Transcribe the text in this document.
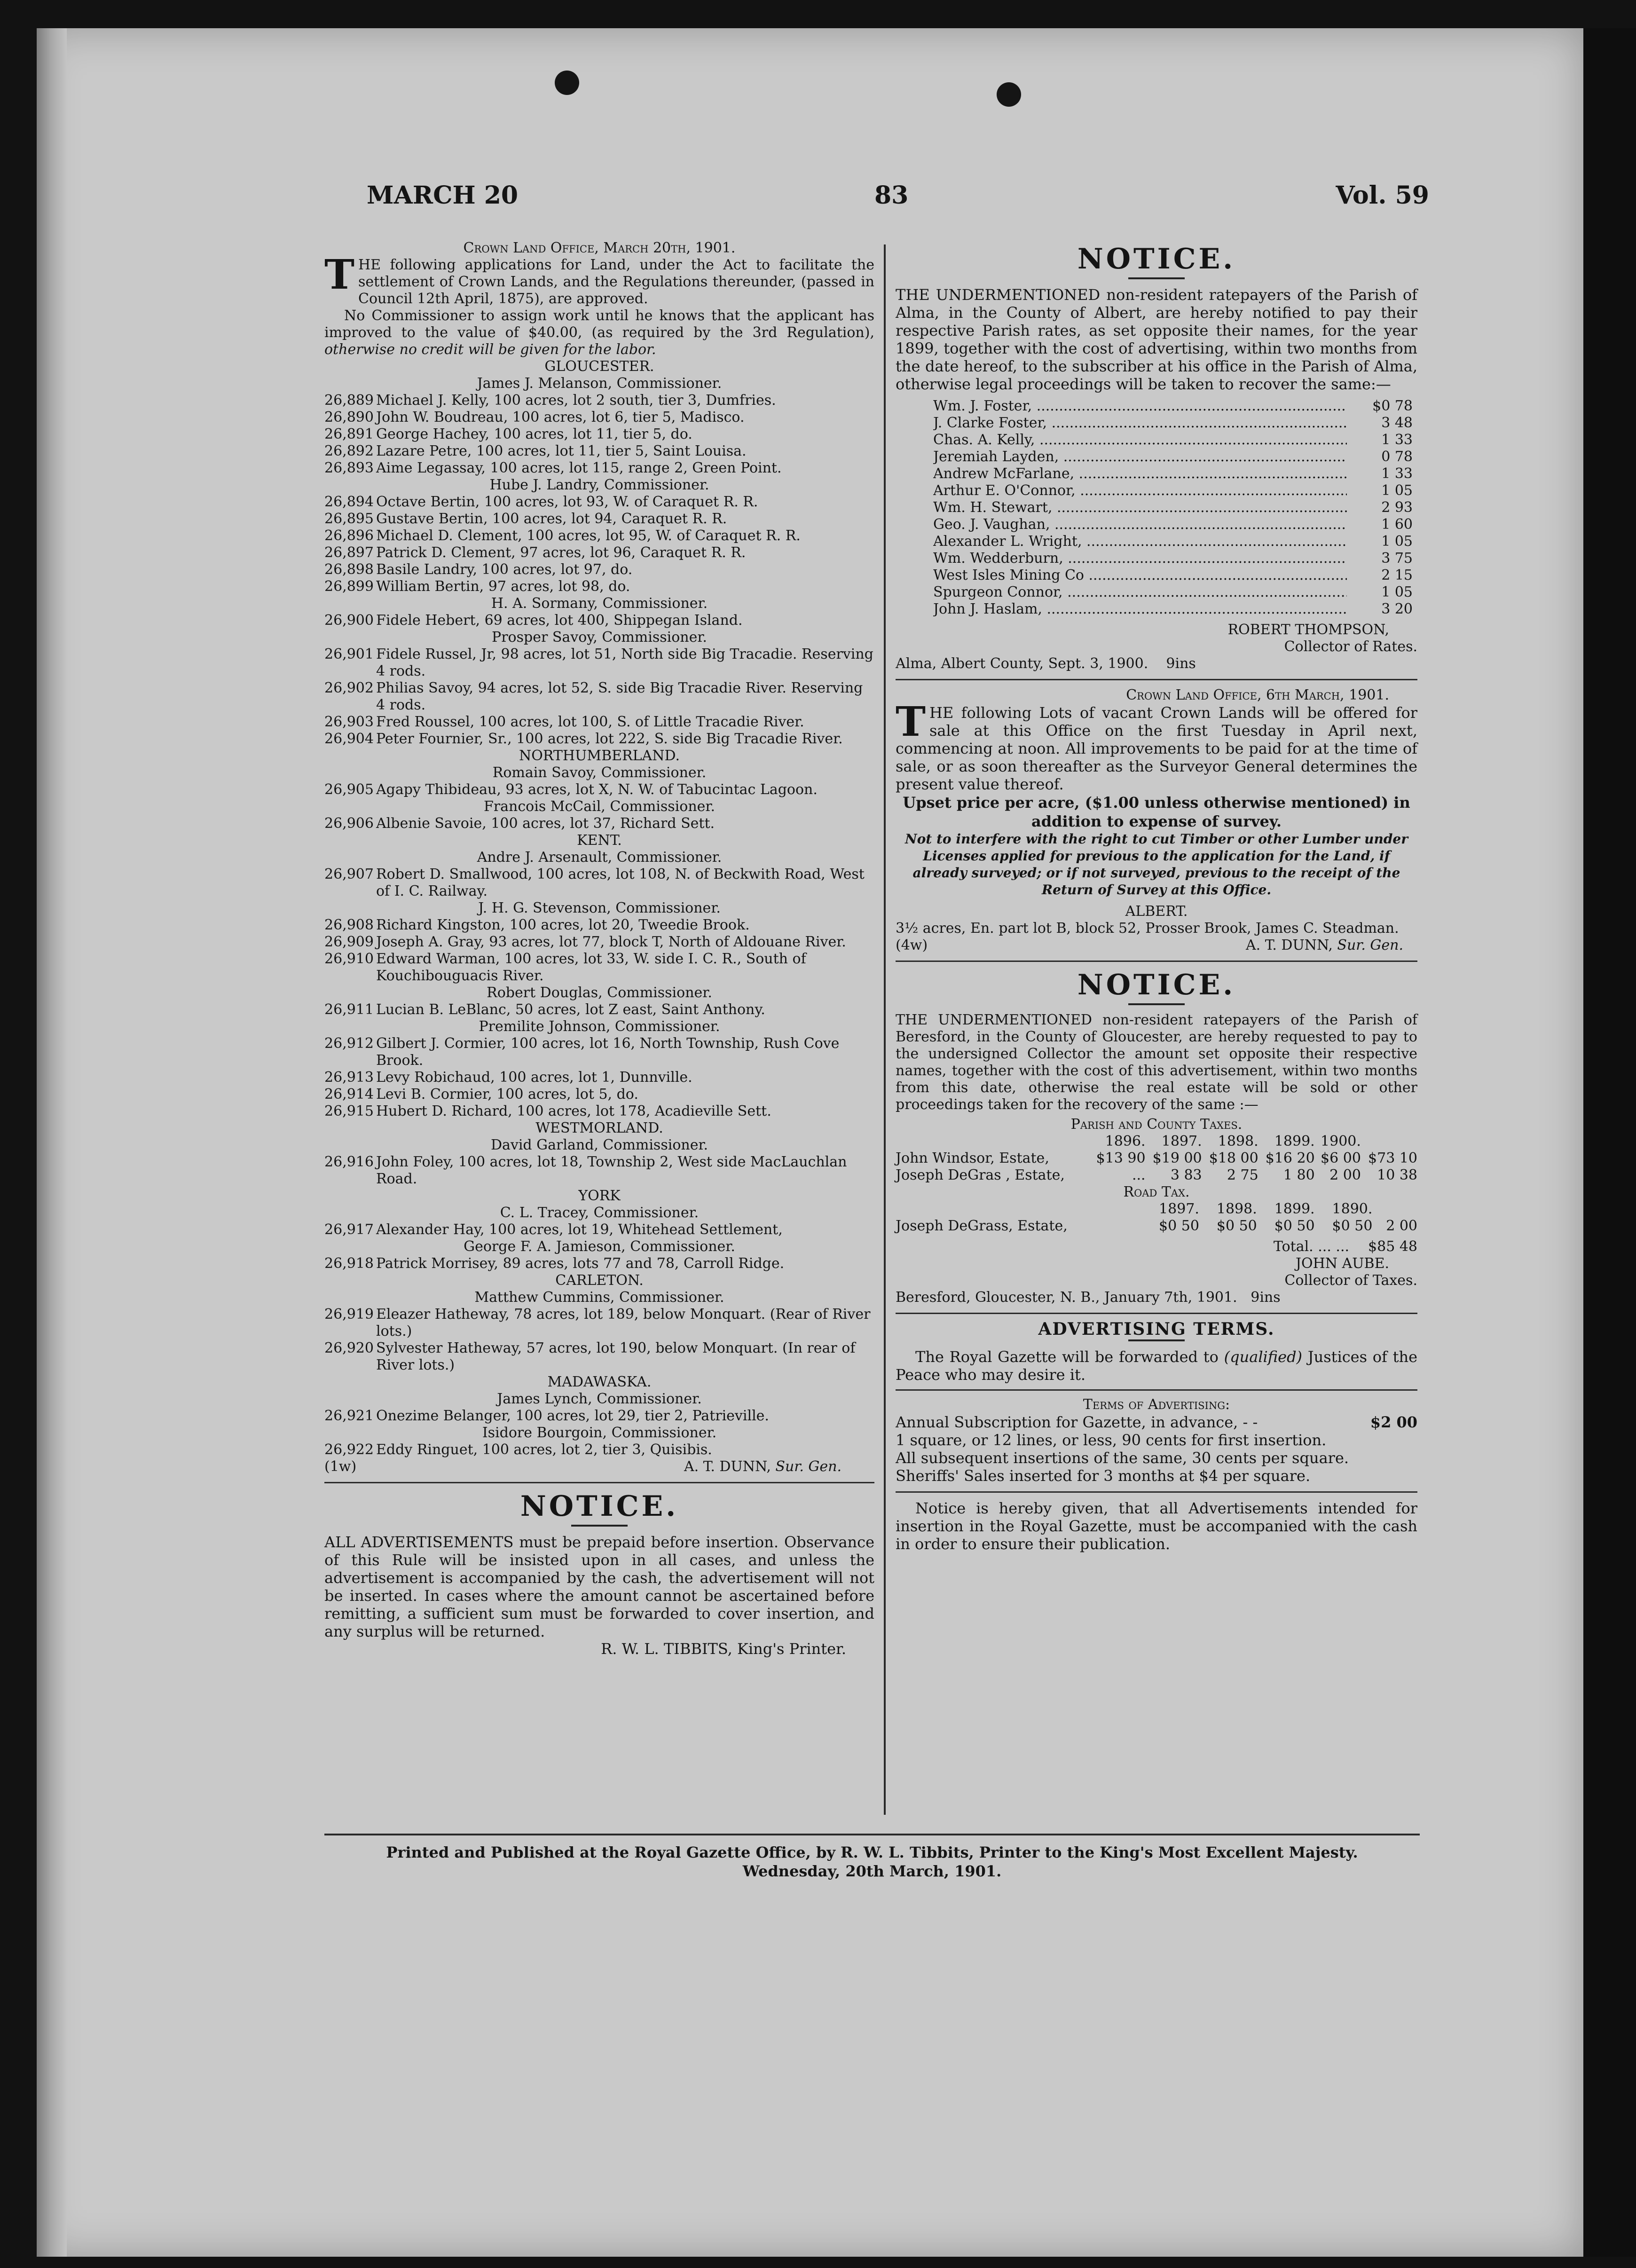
MARCH 20	83	Vol. 59
Crown Land Office, March 20th, 1901.
THE following applications for Land, under the Act to facilitate the settlement of Crown Lands, and the Regulations thereunder, (passed in Council 12th April, 1875), are approved.
No Commissioner to assign work until he knows that the applicant has improved to the value of $40.00, (as required by the 3rd Regulation), otherwise no credit will be given for the labor.
GLOUCESTER.
James J. Melanson, Commissioner.
26,889 Michael J. Kelly, 100 acres, lot 2 south, tier 3, Dumfries.
26,890 John W. Boudreau, 100 acres, lot 6, tier 5, Madisco.
26,891 George Hachey, 100 acres, lot 11, tier 5, do.
26,892 Lazare Petre, 100 acres, lot 11, tier 5, Saint Louisa.
26,893 Aime Legassay, 100 acres, lot 115, range 2, Green Point.
Hube J. Landry, Commissioner.
26,894 Octave Bertin, 100 acres, lot 93, W. of Caraquet R. R.
26,895 Gustave Bertin, 100 acres, lot 94, Caraquet R. R.
26,896 Michael D. Clement, 100 acres, lot 95, W. of Caraquet R. R.
26,897 Patrick D. Clement, 97 acres, lot 96, Caraquet R. R.
26,898 Basile Landry, 100 acres, lot 97, do.
26,899 William Bertin, 97 acres, lot 98, do.
H. A. Sormany, Commissioner.
26,900 Fidele Hebert, 69 acres, lot 400, Shippegan Island.
Prosper Savoy, Commissioner.
26,901 Fidele Russel, Jr, 98 acres, lot 51, North side Big Tracadie. Reserving 4 rods.
26,902 Philias Savoy, 94 acres, lot 52, S. side Big Tracadie River. Reserving 4 rods.
26,903 Fred Roussel, 100 acres, lot 100, S. of Little Tracadie River.
26,904 Peter Fournier, Sr., 100 acres, lot 222, S. side Big Tracadie River.
NORTHUMBERLAND.
Romain Savoy, Commissioner.
26,905 Agapy Thibideau, 93 acres, lot X, N. W. of Tabucintac Lagoon.
Francois McCail, Commissioner.
26,906 Albenie Savoie, 100 acres, lot 37, Richard Sett.
KENT.
Andre J. Arsenault, Commissioner.
26,907 Robert D. Smallwood, 100 acres, lot 108, N. of Beckwith Road, West of I. C. Railway.
J. H. G. Stevenson, Commissioner.
26,908 Richard Kingston, 100 acres, lot 20, Tweedie Brook.
26,909 Joseph A. Gray, 93 acres, lot 77, block T, North of Aldouane River.
26,910 Edward Warman, 100 acres, lot 33, W. side I. C. R., South of Kouchibouguacis River.
Robert Douglas, Commissioner.
26,911 Lucian B. LeBlanc, 50 acres, lot Z east, Saint Anthony.
Premilite Johnson, Commissioner.
26,912 Gilbert J. Cormier, 100 acres, lot 16, North Township, Rush Cove Brook.
26,913 Levy Robichaud, 100 acres, lot 1, Dunnville.
26,914 Levi B. Cormier, 100 acres, lot 5, do.
26,915 Hubert D. Richard, 100 acres, lot 178, Acadieville Sett.
WESTMORLAND.
David Garland, Commissioner.
26,916 John Foley, 100 acres, lot 18, Township 2, West side MacLauchlan Road.
YORK
C. L. Tracey, Commissioner.
26,917 Alexander Hay, 100 acres, lot 19, Whitehead Settlement,
George F. A. Jamieson, Commissioner.
26,918 Patrick Morrisey, 89 acres, lots 77 and 78, Carroll Ridge.
CARLETON.
Matthew Cummins, Commissioner.
26,919 Eleazer Hatheway, 78 acres, lot 189, below Monquart. (Rear of River lots.)
26,920 Sylvester Hatheway, 57 acres, lot 190, below Monquart. (In rear of River lots.)
MADAWASKA.
James Lynch, Commissioner.
26,921 Onezime Belanger, 100 acres, lot 29, tier 2, Patrieville.
Isidore Bourgoin, Commissioner.
26,922 Eddy Ringuet, 100 acres, lot 2, tier 3, Quisibis.
(1w)	A. T. DUNN, Sur. Gen.
NOTICE.
ALL ADVERTISEMENTS must be prepaid before insertion. Observance of this Rule will be insisted upon in all cases, and unless the advertisement is accompanied by the cash, the advertisement will not be inserted. In cases where the amount cannot be ascertained before remitting, a sufficient sum must be forwarded to cover insertion, and any surplus will be returned.
R. W. L. TIBBITS, King's Printer.
NOTICE.
THE UNDERMENTIONED non-resident ratepayers of the Parish of Alma, in the County of Albert, are hereby notified to pay their respective Parish rates, as set opposite their names, for the year 1899, together with the cost of advertising, within two months from the date hereof, to the subscriber at his office in the Parish of Alma, otherwise legal proceedings will be taken to recover the same:—
Wm. J. Foster, .....	$0 78
J. Clarke Foster, .....	3 48
Chas. A. Kelly, .....	1 33
Jeremiah Layden, .....	0 78
Andrew McFarlane, .....	1 33
Arthur E. O'Connor, .....	1 05
Wm. H. Stewart, .....	2 93
Geo. J. Vaughan, .....	1 60
Alexander L. Wright, .....	1 05
Wm. Wedderburn, .....	3 75
West Isles Mining Co .....	2 15
Spurgeon Connor, .....	1 05
John J. Haslam, .....	3 20
ROBERT THOMPSON,
Collector of Rates.
Alma, Albert County, Sept. 3, 1900. 9ins
Crown Land Office, 6th March, 1901.
THE following Lots of vacant Crown Lands will be offered for sale at this Office on the first Tuesday in April next, commencing at noon. All improvements to be paid for at the time of sale, or as soon thereafter as the Surveyor General determines the present value thereof.
Upset price per acre, ($1.00 unless otherwise mentioned) in addition to expense of survey.
Not to interfere with the right to cut Timber or other Lumber under Licenses applied for previous to the application for the Land, if already surveyed; or if not surveyed, previous to the receipt of the Return of Survey at this Office.
ALBERT.
3½ acres, En. part lot B, block 52, Prosser Brook, James C. Steadman.
(4w)	A. T. DUNN, Sur. Gen.
NOTICE.
THE UNDERMENTIONED non-resident ratepayers of the Parish of Beresford, in the County of Gloucester, are hereby requested to pay to the undersigned Collector the amount set opposite their respective names, together with the cost of this advertisement, within two months from this date, otherwise the real estate will be sold or other proceedings taken for the recovery of the same :—
Parish and County Taxes.
	1896.	1897.	1898.	1899.	1900.	
John Windsor, Estate,	$13 90	$19 00	$18 00	$16 20	$6 00	$73 10
Joseph DeGras , Estate,	...	3 83	2 75	1 80	2 00	10 38
Road Tax.
	1897.	1898.	1899.	1890.	
Joseph DeGrass, Estate,	$0 50	$0 50	$0 50	$0 50	2 00
Total. ... ... $85 48
JOHN AUBE.
Collector of Taxes.
Beresford, Gloucester, N. B., January 7th, 1901. 9ins
ADVERTISING TERMS.
The Royal Gazette will be forwarded to (qualified) Justices of the Peace who may desire it.
Terms of Advertising:
Annual Subscription for Gazette, in advance, - -	$2 00
1 square, or 12 lines, or less, 90 cents for first insertion.
All subsequent insertions of the same, 30 cents per square.
Sheriffs' Sales inserted for 3 months at $4 per square.
Notice is hereby given, that all Advertisements intended for insertion in the Royal Gazette, must be accompanied with the cash in order to ensure their publication.
Printed and Published at the Royal Gazette Office, by R. W. L. Tibbits, Printer to the King's Most Excellent Majesty.
Wednesday, 20th March, 1901.
